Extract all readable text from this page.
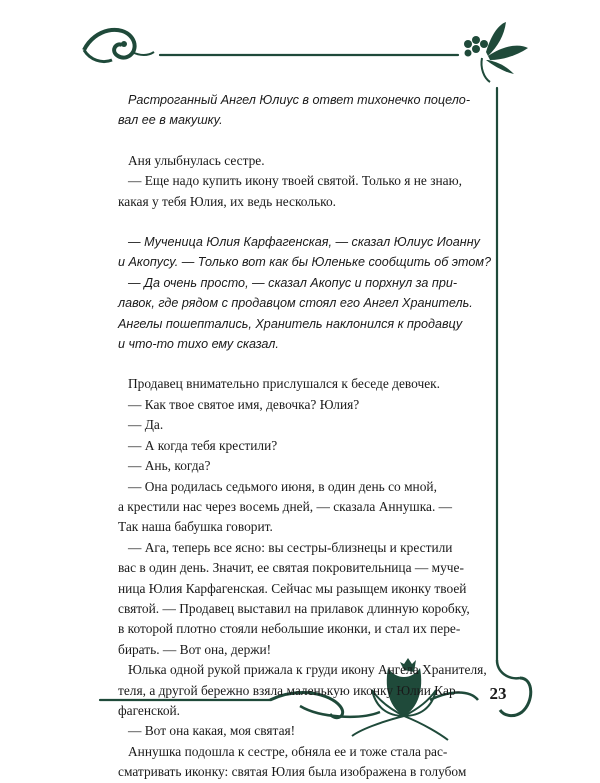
Растроганный Ангел Юлиус в ответ тихонечко поцело-
вал ее в макушку.
Аня улыбнулась сестре.
— Еще надо купить икону твоей святой. Только я не знаю,
какая у тебя Юлия, их ведь несколько.
— Мученица Юлия Карфагенская, — сказал Юлиус Иоанну
и Акопусу. — Только вот как бы Юленьке сообщить об этом?
— Да очень просто, — сказал Акопус и порхнул за при-
лавок, где рядом с продавцом стоял его Ангел Хранитель.
Ангелы пошептались, Хранитель наклонился к продавцу
и что-то тихо ему сказал.
Продавец внимательно прислушался к беседе девочек.
— Как твое святое имя, девочка? Юлия?
— Да.
— А когда тебя крестили?
— Ань, когда?
— Она родилась седьмого июня, в один день со мной,
а крестили нас через восемь дней, — сказала Аннушка. —
Так наша бабушка говорит.
— Ага, теперь все ясно: вы сестры-близнецы и крестили
вас в один день. Значит, ее святая покровительница — муче-
ница Юлия Карфагенская. Сейчас мы разыщем иконку твоей
святой. — Продавец выставил на прилавок длинную коробку,
в которой плотно стояли небольшие иконки, и стал их пере-
бирать. — Вот она, держи!
Юлька одной рукой прижала к груди икону Ангела Хранителя,
теля, а другой бережно взяла маленькую иконку Юлии Кар-
фагенской.
— Вот она какая, моя святая!
Аннушка подошла к сестре, обняла ее и тоже стала рас-
сматривать иконку: святая Юлия была изображена в голубом
23
